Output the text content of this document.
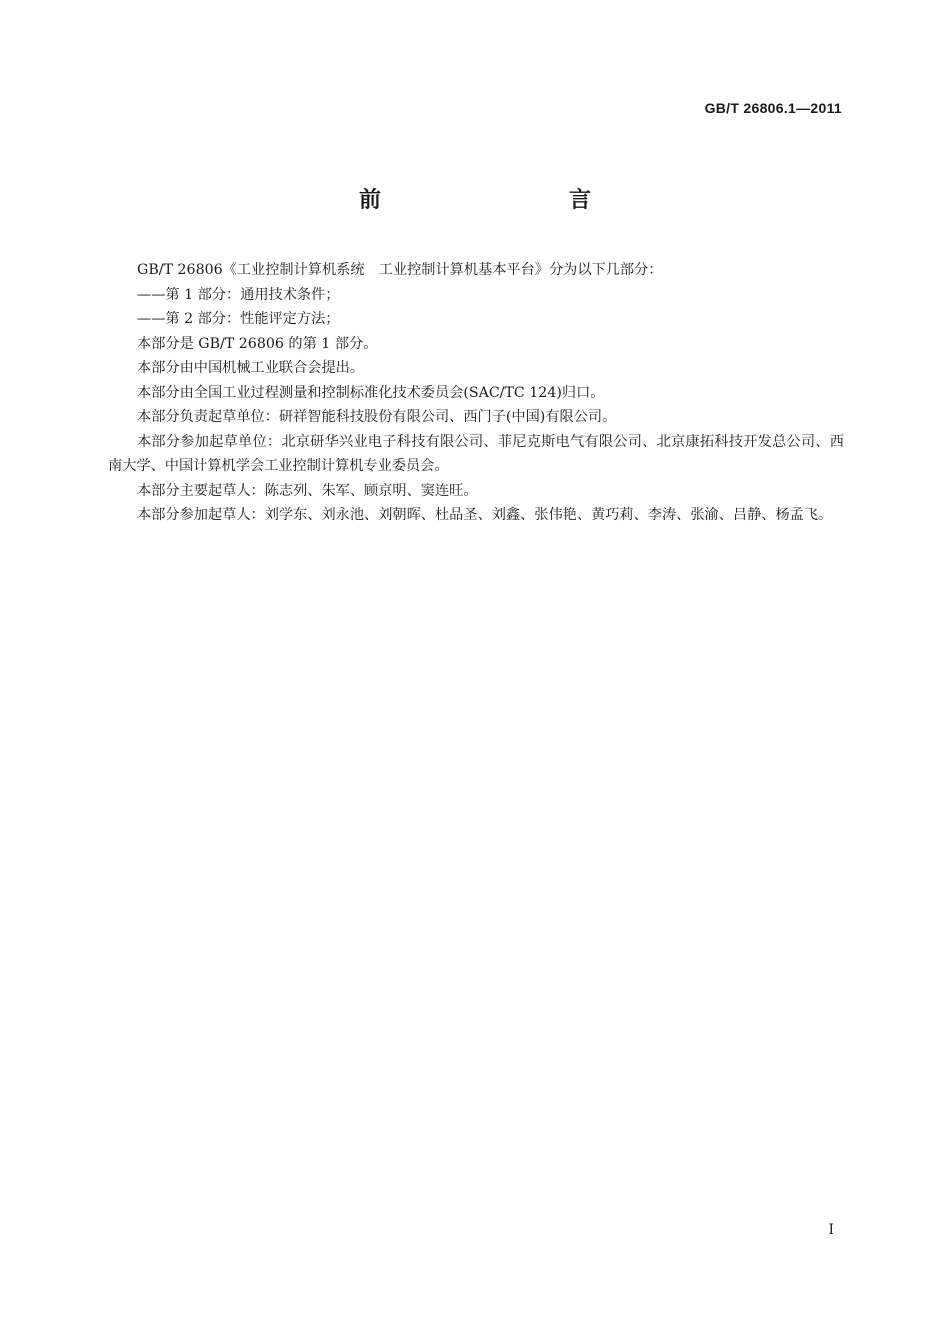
GB/T 26806.1—2011
前　　言

GB/T 26806《工业控制计算机系统　工业控制计算机基本平台》分为以下几部分：

——第 1 部分：通用技术条件；

——第 2 部分：性能评定方法；

本部分是 GB/T 26806 的第 1 部分。

本部分由中国机械工业联合会提出。

本部分由全国工业过程测量和控制标准化技术委员会(SAC/TC 124)归口。

本部分负责起草单位：研祥智能科技股份有限公司、西门子(中国)有限公司。

本部分参加起草单位：北京研华兴业电子科技有限公司、菲尼克斯电气有限公司、北京康拓科技开发总公司、西南大学、中国计算机学会工业控制计算机专业委员会。

本部分主要起草人：陈志列、朱军、顾京明、窦连旺。

本部分参加起草人：刘学东、刘永池、刘朝晖、杜品圣、刘鑫、张伟艳、黄巧莉、李涛、张渝、吕静、杨孟飞。

I
